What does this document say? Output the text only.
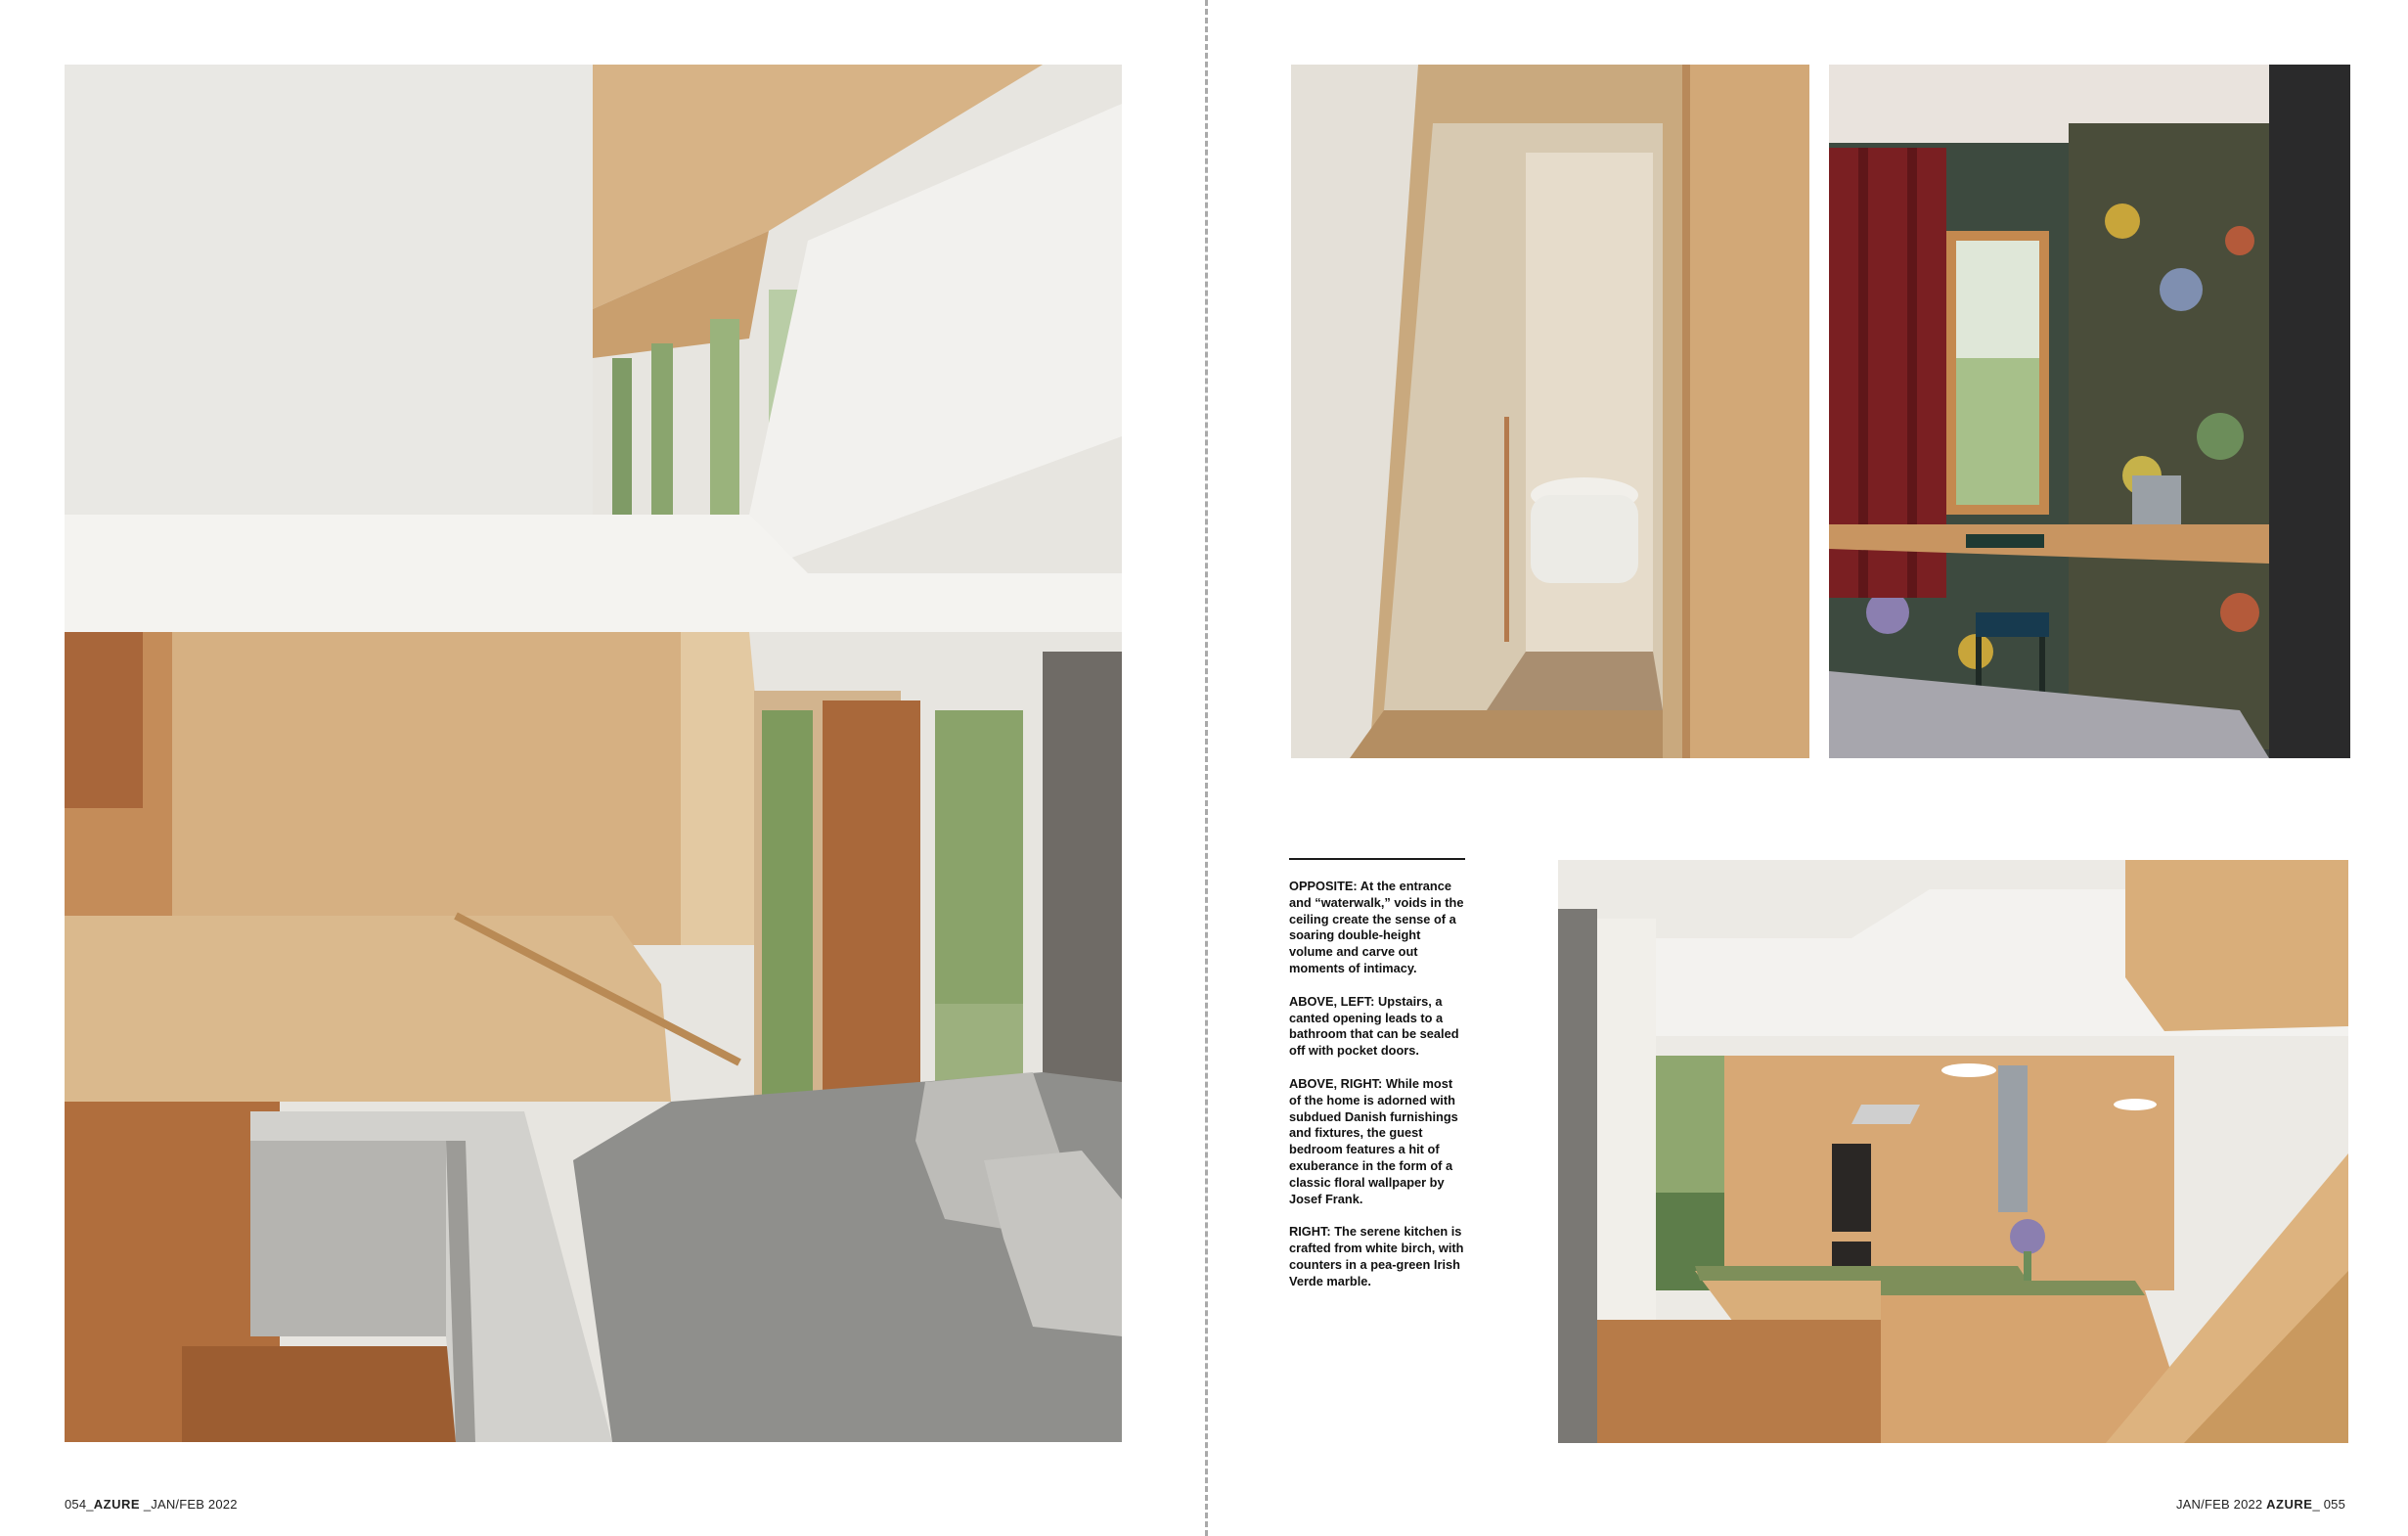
OPPOSITE: At the entrance and “waterwalk,” voids in the ceiling create the sense of a soaring double-height volume and carve out moments of intimacy.

ABOVE, LEFT: Upstairs, a canted opening leads to a bathroom that can be sealed off with pocket doors.

ABOVE, RIGHT: While most of the home is adorned with subdued Danish furnishings and fixtures, the guest bedroom features a hit of exuberance in the form of a classic floral wallpaper by Josef Frank.

RIGHT: The serene kitchen is crafted from white birch, with counters in a pea-green Irish Verde marble.

054_AZURE _JAN/FEB 2022	JAN/FEB 2022 AZURE_ 055
